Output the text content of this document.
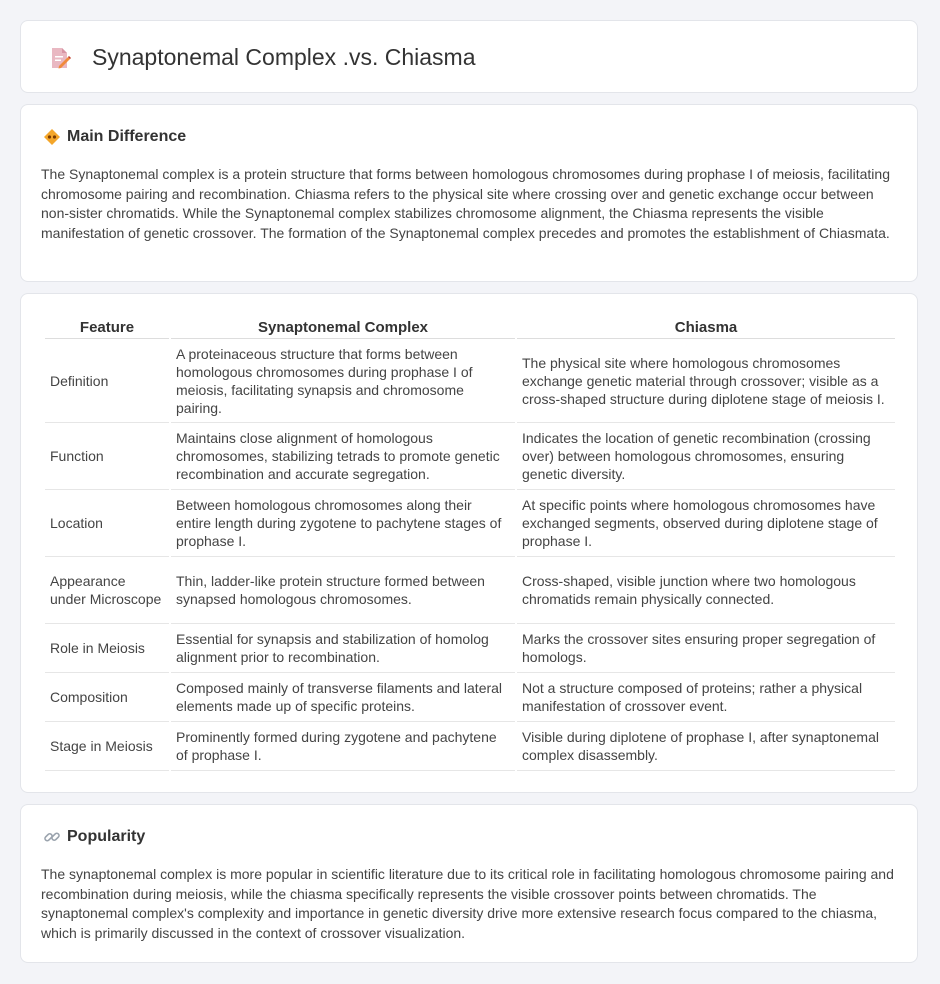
Synaptonemal Complex .vs. Chiasma
Main Difference

The Synaptonemal complex is a protein structure that forms between homologous chromosomes during prophase I of meiosis, facilitating chromosome pairing and recombination. Chiasma refers to the physical site where crossing over and genetic exchange occur between non-sister chromatids. While the Synaptonemal complex stabilizes chromosome alignment, the Chiasma represents the visible manifestation of genetic crossover. The formation of the Synaptonemal complex precedes and promotes the establishment of Chiasmata.

Feature	Synaptonemal Complex	Chiasma
Definition	A proteinaceous structure that forms between homologous chromosomes during prophase I of meiosis, facilitating synapsis and chromosome pairing.	The physical site where homologous chromosomes exchange genetic material through crossover; visible as a cross-shaped structure during diplotene stage of meiosis I.
Function	Maintains close alignment of homologous chromosomes, stabilizing tetrads to promote genetic recombination and accurate segregation.	Indicates the location of genetic recombination (crossing over) between homologous chromosomes, ensuring genetic diversity.
Location	Between homologous chromosomes along their entire length during zygotene to pachytene stages of prophase I.	At specific points where homologous chromosomes have exchanged segments, observed during diplotene stage of prophase I.
Appearance under Microscope	Thin, ladder-like protein structure formed between synapsed homologous chromosomes.	Cross-shaped, visible junction where two homologous chromatids remain physically connected.
Role in Meiosis	Essential for synapsis and stabilization of homolog alignment prior to recombination.	Marks the crossover sites ensuring proper segregation of homologs.
Composition	Composed mainly of transverse filaments and lateral elements made up of specific proteins.	Not a structure composed of proteins; rather a physical manifestation of crossover event.
Stage in Meiosis	Prominently formed during zygotene and pachytene of prophase I.	Visible during diplotene of prophase I, after synaptonemal complex disassembly.
Popularity

The synaptonemal complex is more popular in scientific literature due to its critical role in facilitating homologous chromosome pairing and recombination during meiosis, while the chiasma specifically represents the visible crossover points between chromatids. The synaptonemal complex's complexity and importance in genetic diversity drive more extensive research focus compared to the chiasma, which is primarily discussed in the context of crossover visualization.
